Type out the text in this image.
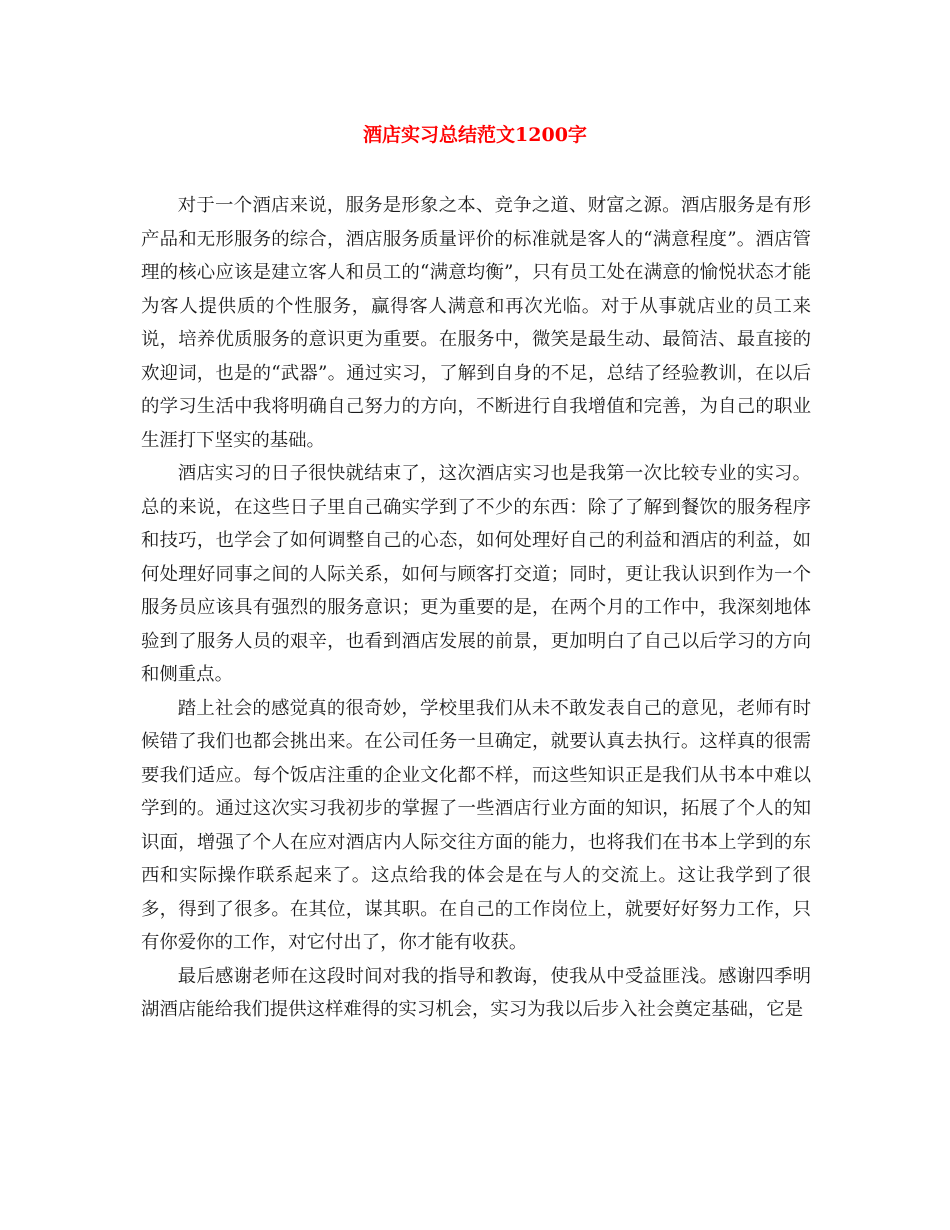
酒店实习总结范文1200字

对于一个酒店来说，服务是形象之本、竞争之道、财富之源。酒店服务是有形产品和无形服务的综合，酒店服务质量评价的标准就是客人的“满意程度”。酒店管理的核心应该是建立客人和员工的“满意均衡”，只有员工处在满意的愉悦状态才能为客人提供质的个性服务，赢得客人满意和再次光临。对于从事就店业的员工来说，培养优质服务的意识更为重要。在服务中，微笑是最生动、最简洁、最直接的欢迎词，也是的“武器”。通过实习，了解到自身的不足，总结了经验教训，在以后的学习生活中我将明确自己努力的方向，不断进行自我增值和完善，为自己的职业生涯打下坚实的基础。

酒店实习的日子很快就结束了，这次酒店实习也是我第一次比较专业的实习。总的来说，在这些日子里自己确实学到了不少的东西：除了了解到餐饮的服务程序和技巧，也学会了如何调整自己的心态，如何处理好自己的利益和酒店的利益，如何处理好同事之间的人际关系，如何与顾客打交道；同时，更让我认识到作为一个服务员应该具有强烈的服务意识；更为重要的是，在两个月的工作中，我深刻地体验到了服务人员的艰辛，也看到酒店发展的前景，更加明白了自己以后学习的方向和侧重点。

踏上社会的感觉真的很奇妙，学校里我们从未不敢发表自己的意见，老师有时候错了我们也都会挑出来。在公司任务一旦确定，就要认真去执行。这样真的很需要我们适应。每个饭店注重的企业文化都不样，而这些知识正是我们从书本中难以学到的。通过这次实习我初步的掌握了一些酒店行业方面的知识，拓展了个人的知识面，增强了个人在应对酒店内人际交往方面的能力，也将我们在书本上学到的东西和实际操作联系起来了。这点给我的体会是在与人的交流上。这让我学到了很多，得到了很多。在其位，谋其职。在自己的工作岗位上，就要好好努力工作，只有你爱你的工作，对它付出了，你才能有收获。

最后感谢老师在这段时间对我的指导和教诲，使我从中受益匪浅。感谢四季明湖酒店能给我们提供这样难得的实习机会，实习为我以后步入社会奠定基础，它是
